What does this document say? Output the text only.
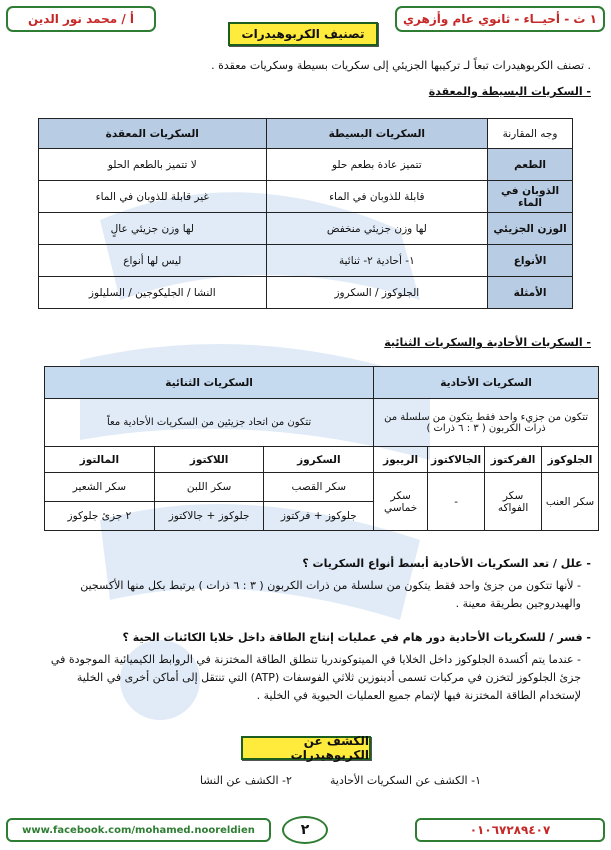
١ ث - أحيــاء - ثانوي عام وأزهري
أ / محمد نور الدين
تصنيف الكربوهيدرات
. تصنف الكربوهيدرات تبعاً لـ تركيبها الجزيئي إلى سكريات بسيطة وسكريات معقدة .
- السكريات البسيطة والمعقدة
وجه المقارنة	السكريات البسيطة	السكريات المعقدة
الطعم	تتميز عادة بطعم حلو	لا تتميز بالطعم الحلو
الذوبان في الماء	قابلة للذوبان في الماء	غير قابلة للذوبان في الماء
الوزن الجزيئي	لها وزن جزيئي منخفض	لها وزن جزيئي عالٍ
الأنواع	١- أحادية ٢- ثنائية	ليس لها أنواع
الأمثلة	الجلوكوز / السكروز	النشا / الجليكوجين / السليلوز
- السكريات الأحادية والسكريات الثنائية
السكريات الأحادية				السكريات الثنائية		
تتكون من جزيء واحد فقط يتكون من سلسلة من ذرات الكربون ( ٣ : ٦ ذرات )				تتكون من اتحاد جزيئين من السكريات الأحادية معاً		
الجلوكوز	الفركتوز	الجالاكتوز	الريبوز	السكروز	اللاكتوز	المالتوز
سكر العنب	سكر الفواكه	-	سكر خماسي	سكر القصب	سكر اللبن	سكر الشعير
				جلوكوز + فركتوز	جلوكوز + جالاكتوز	٢ جزئ جلوكوز
- علل / تعد السكريات الأحادية أبسط أنواع السكريات ؟
- لأنها تتكون من جزئ واحد فقط يتكون من سلسلة من ذرات الكربون ( ٣ : ٦ ذرات ) يرتبط بكل منها الأكسجين
والهيدروجين بطريقة معينة .
- فسر / للسكريات الأحادية دور هام في عمليات إنتاج الطاقة داخل خلايا الكائنات الحية ؟
- عندما يتم أكسدة الجلوكوز داخل الخلايا في الميتوكوندريا تنطلق الطاقة المختزنة في الروابط الكيميائية الموجودة في
جزئ الجلوكوز لتخزن في مركبات تسمى أدينوزين ثلاثي الفوسفات (ATP) التي تنتقل إلى أماكن أخرى في الخلية
لإستخدام الطاقة المختزنة فيها لإتمام جميع العمليات الحيوية في الخلية .
الكشف عن الكربوهيدرات
١- الكشف عن السكريات الأحادية
٢- الكشف عن النشا
٠١٠٦٧٢٨٩٤٠٧
٢
www.facebook.com/mohamed.nooreldien
